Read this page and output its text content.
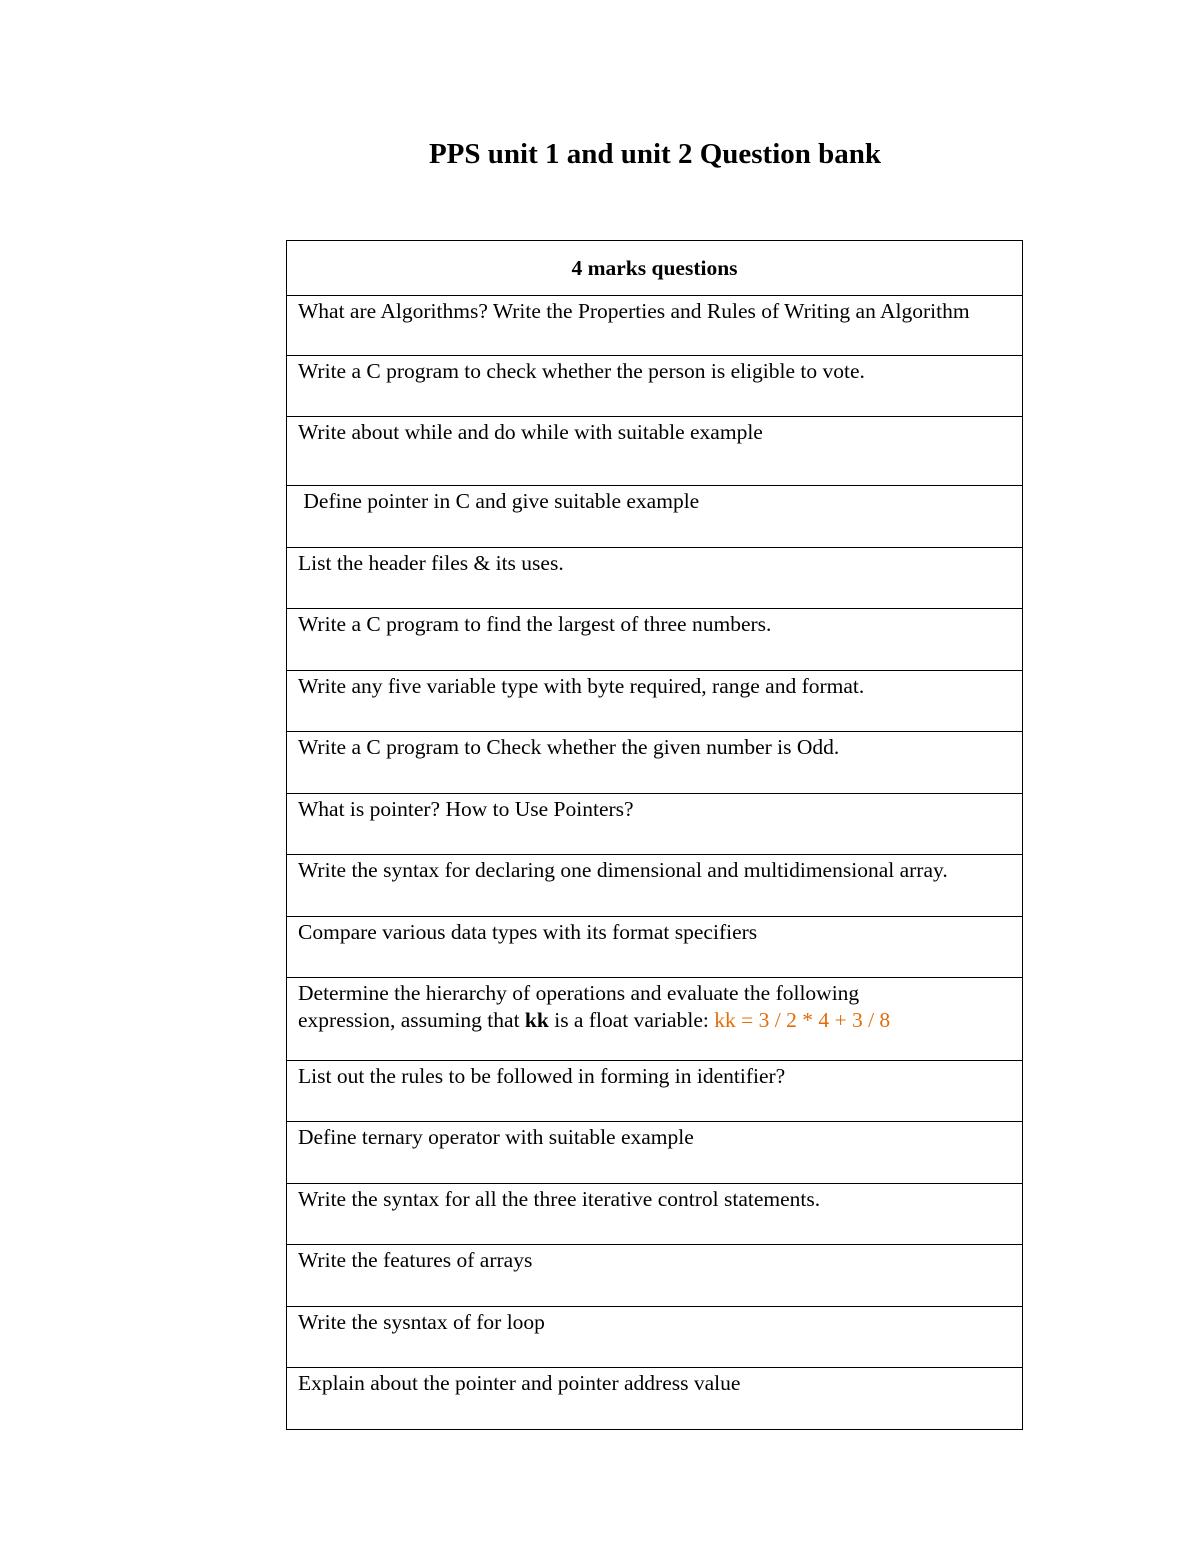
PPS unit 1 and unit 2 Question bank
4 marks questions
What are Algorithms? Write the Properties and Rules of Writing an Algorithm
Write a C program to check whether the person is eligible to vote.
Write about while and do while with suitable example
Define pointer in C and give suitable example
List the header files & its uses.
Write a C program to find the largest of three numbers.
Write any five variable type with byte required, range and format.
Write a C program to Check whether the given number is Odd.
What is pointer? How to Use Pointers?
Write the syntax for declaring one dimensional and multidimensional array.
Compare various data types with its format specifiers
Determine the hierarchy of operations and evaluate the following
expression, assuming that kk is a float variable: kk = 3 / 2 * 4 + 3 / 8
List out the rules to be followed in forming in identifier?
Define ternary operator with suitable example
Write the syntax for all the three iterative control statements.
Write the features of arrays
Write the sysntax of for loop
Explain about the pointer and pointer address value
